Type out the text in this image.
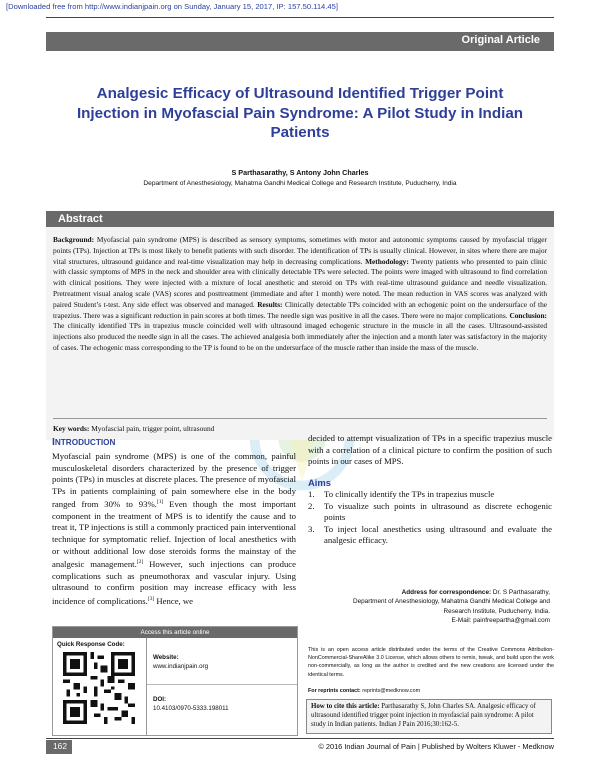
[Downloaded free from http://www.indianjpain.org on Sunday, January 15, 2017, IP: 157.50.114.45]
Original Article
Analgesic Efficacy of Ultrasound Identified Trigger Point Injection in Myofascial Pain Syndrome: A Pilot Study in Indian Patients
S Parthasarathy, S Antony John Charles
Department of Anesthesiology, Mahatma Gandhi Medical College and Research Institute, Puducherry, India
Abstract
Background: Myofascial pain syndrome (MPS) is described as sensory symptoms, sometimes with motor and autonomic symptoms caused by myofascial trigger points (TPs). Injection at TPs is most likely to benefit patients with such disorder. The identification of TPs is usually clinical. However, in sites where there are major vital structures, ultrasound guidance and real-time visualization may help in decreasing complications. Methodology: Twenty patients who presented to pain clinic with classic symptoms of MPS in the neck and shoulder area with clinically detectable TPs were selected. The points were imaged with ultrasound to find correlation with clinical positions. They were injected with a mixture of local anesthetic and steroid on TPs with real-time ultrasound guidance and needle visualization. Pretreatment visual analog scale (VAS) scores and posttreatment (immediate and after 1 month) were noted. The mean reduction in VAS scores was analyzed with paired Student’s t-test. Any side effect was observed and managed. Results: Clinically detectable TPs coincided with an echogenic point on the undersurface of the trapezius. There was a significant reduction in pain scores at both times. The needle sign was positive in all the cases. There were no major complications. Conclusion: The clinically identified TPs in trapezius muscle coincided well with ultrasound imaged echogenic structure in the muscle in all the cases. Ultrasound-assisted injections also produced the needle sign in all the cases. The achieved analgesia both immediately after the injection and a month later was satisfactory in the majority of cases. The echogenic mass corresponding to the TP is found to be on the undersurface of the muscle rather than inside the mass of the muscle.
Key words: Myofascial pain, trigger point, ultrasound
INTRODUCTION
Myofascial pain syndrome (MPS) is one of the common, painful musculoskeletal disorders characterized by the presence of trigger points (TPs) in muscles at discrete places. The presence of myofascial TPs in patients complaining of pain somewhere else in the body ranged from 30% to 93%.[1] Even though the most important component in the treatment of MPS is to identify the cause and to treat it, TP injections is still a commonly practiced pain interventional technique for symptomatic relief. Injection of local anesthetics with or without additional low dose steroids forms the mainstay of the analgesic management.[2] However, such injections can produce complications such as pneumothorax and vascular injury. Using ultrasound to confirm position may increase efficacy with less incidence of complications.[3] Hence, we
decided to attempt visualization of TPs in a specific trapezius muscle with a correlation of a clinical picture to confirm the position of such points in our cases of MPS.
Aims
1. To clinically identify the TPs in trapezius muscle
2. To visualize such points in ultrasound as discrete echogenic points
3. To inject local anesthetics using ultrasound and evaluate the analgesic efficacy.
Address for correspondence: Dr. S Parthasarathy,
Department of Anesthesiology, Mahatma Gandhi Medical College and
Research Institute, Puducherry, India.
E-Mail: painfreepartha@gmail.com
Access this article online
Quick Response Code:
Website:
www.indianjpain.org
DOI:
10.4103/0970-5333.198011
This is an open access article distributed under the terms of the Creative Commons Attribution-NonCommercial-ShareAlike 3.0 License, which allows others to remix, tweak, and build upon the work non-commercially, as long as the author is credited and the new creations are licensed under the identical terms.
For reprints contact: reprints@medknow.com
How to cite this article: Parthasarathy S, John Charles SA. Analgesic efficacy of ultrasound identified trigger point injection in myofascial pain syndrome: A pilot study in Indian patients. Indian J Pain 2016;30:162-5.
162	© 2016 Indian Journal of Pain | Published by Wolters Kluwer - Medknow
